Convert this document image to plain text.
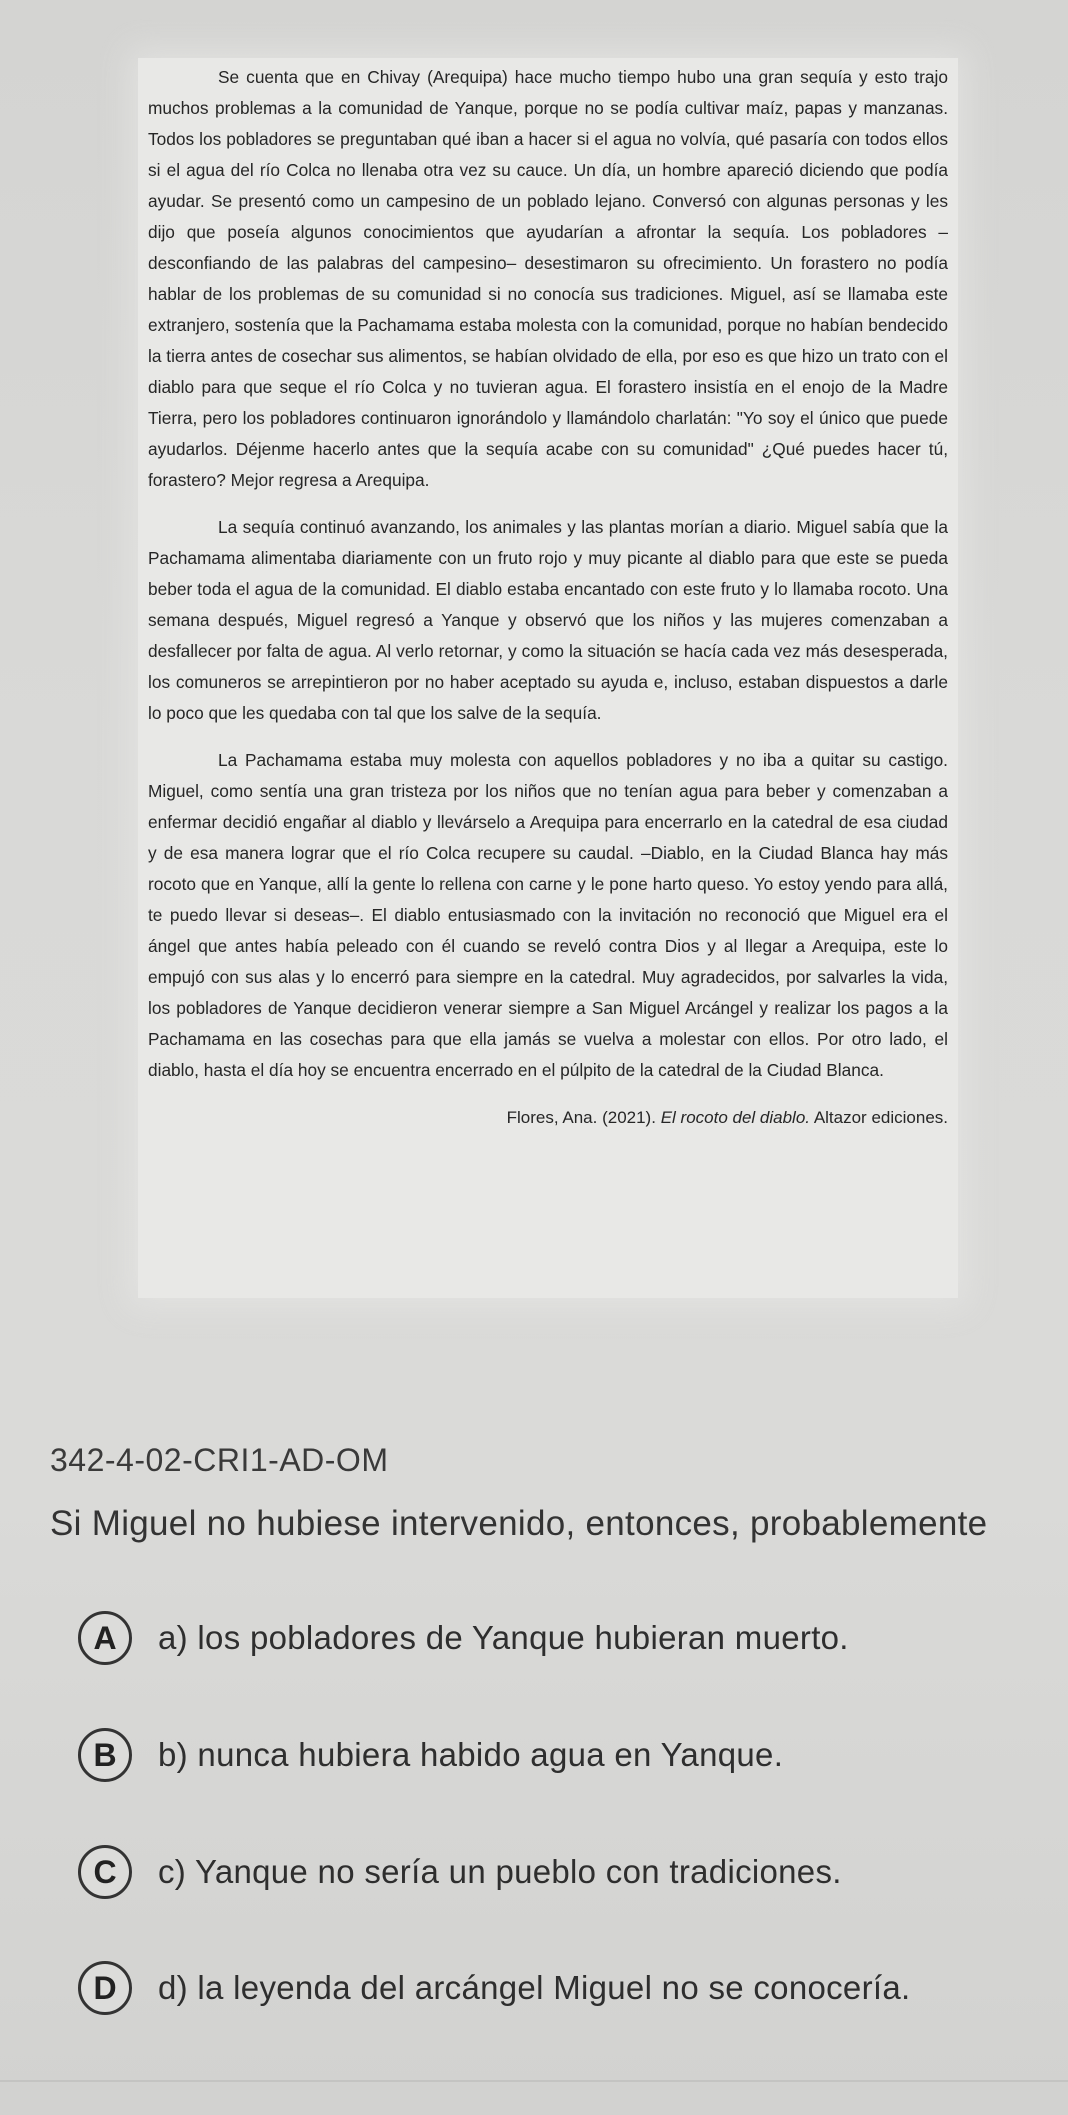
Se cuenta que en Chivay (Arequipa) hace mucho tiempo hubo una gran sequía y esto trajo muchos problemas a la comunidad de Yanque, porque no se podía cultivar maíz, papas y manzanas. Todos los pobladores se preguntaban qué iban a hacer si el agua no volvía, qué pasaría con todos ellos si el agua del río Colca no llenaba otra vez su cauce. Un día, un hombre apareció diciendo que podía ayudar. Se presentó como un campesino de un poblado lejano. Conversó con algunas personas y les dijo que poseía algunos conocimientos que ayudarían a afrontar la sequía. Los pobladores –desconfiando de las palabras del campesino– desestimaron su ofrecimiento. Un forastero no podía hablar de los problemas de su comunidad si no conocía sus tradiciones. Miguel, así se llamaba este extranjero, sostenía que la Pachamama estaba molesta con la comunidad, porque no habían bendecido la tierra antes de cosechar sus alimentos, se habían olvidado de ella, por eso es que hizo un trato con el diablo para que seque el río Colca y no tuvieran agua. El forastero insistía en el enojo de la Madre Tierra, pero los pobladores continuaron ignorándolo y llamándolo charlatán: "Yo soy el único que puede ayudarlos. Déjenme hacerlo antes que la sequía acabe con su comunidad" ¿Qué puedes hacer tú, forastero? Mejor regresa a Arequipa.

La sequía continuó avanzando, los animales y las plantas morían a diario. Miguel sabía que la Pachamama alimentaba diariamente con un fruto rojo y muy picante al diablo para que este se pueda beber toda el agua de la comunidad. El diablo estaba encantado con este fruto y lo llamaba rocoto. Una semana después, Miguel regresó a Yanque y observó que los niños y las mujeres comenzaban a desfallecer por falta de agua. Al verlo retornar, y como la situación se hacía cada vez más desesperada, los comuneros se arrepintieron por no haber aceptado su ayuda e, incluso, estaban dispuestos a darle lo poco que les quedaba con tal que los salve de la sequía.

La Pachamama estaba muy molesta con aquellos pobladores y no iba a quitar su castigo. Miguel, como sentía una gran tristeza por los niños que no tenían agua para beber y comenzaban a enfermar decidió engañar al diablo y llevárselo a Arequipa para encerrarlo en la catedral de esa ciudad y de esa manera lograr que el río Colca recupere su caudal. –Diablo, en la Ciudad Blanca hay más rocoto que en Yanque, allí la gente lo rellena con carne y le pone harto queso. Yo estoy yendo para allá, te puedo llevar si deseas–. El diablo entusiasmado con la invitación no reconoció que Miguel era el ángel que antes había peleado con él cuando se reveló contra Dios y al llegar a Arequipa, este lo empujó con sus alas y lo encerró para siempre en la catedral. Muy agradecidos, por salvarles la vida, los pobladores de Yanque decidieron venerar siempre a San Miguel Arcángel y realizar los pagos a la Pachamama en las cosechas para que ella jamás se vuelva a molestar con ellos. Por otro lado, el diablo, hasta el día hoy se encuentra encerrado en el púlpito de la catedral de la Ciudad Blanca.

Flores, Ana. (2021). El rocoto del diablo. Altazor ediciones.

342-4-02-CRI1-AD-OM
Si Miguel no hubiese intervenido, entonces, probablemente
A	a) los pobladores de Yanque hubieran muerto.
B	b) nunca hubiera habido agua en Yanque.
C	c) Yanque no sería un pueblo con tradiciones.
D	d) la leyenda del arcángel Miguel no se conocería.
